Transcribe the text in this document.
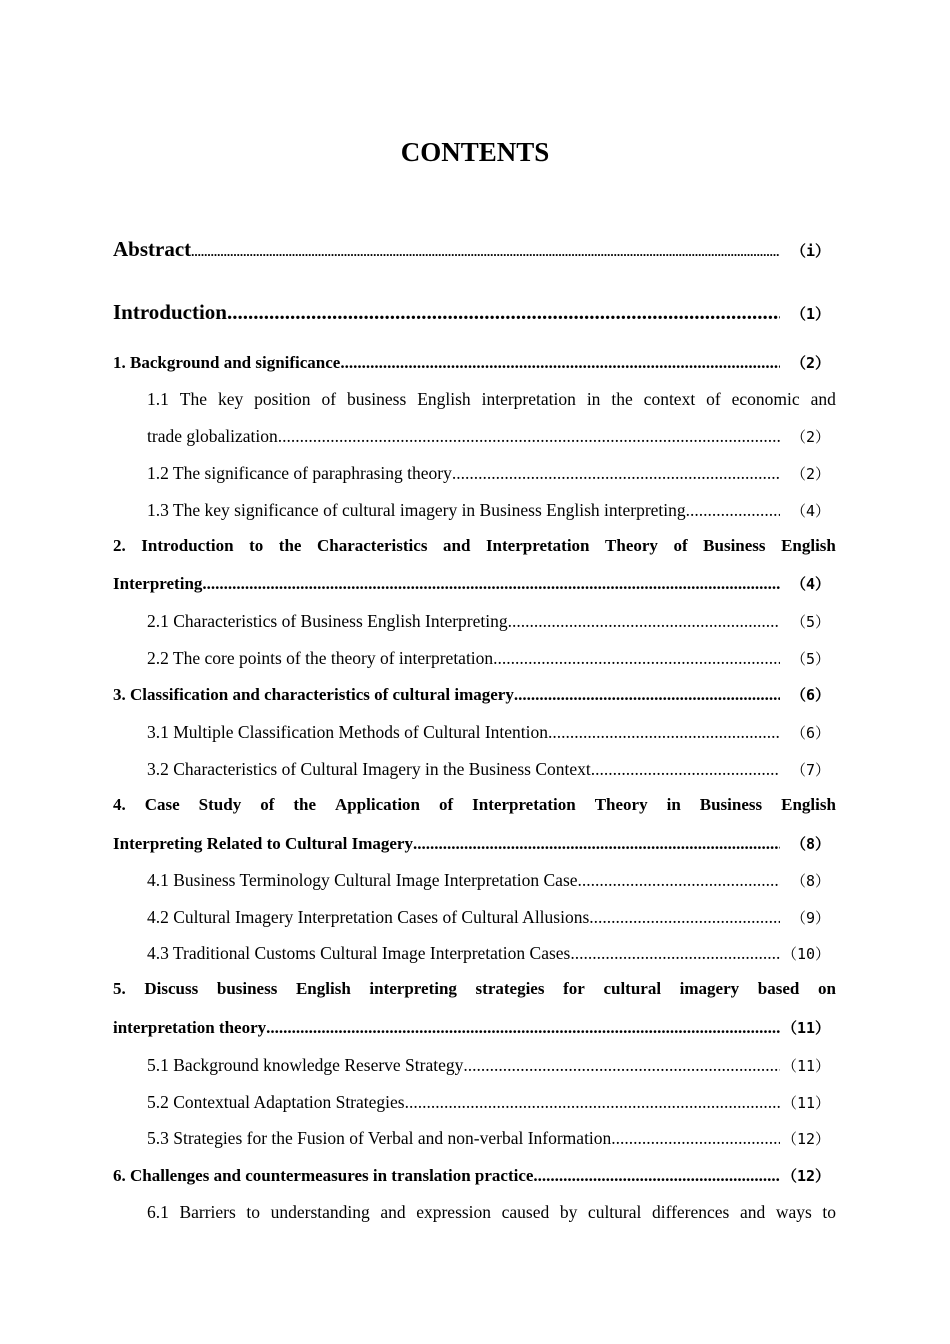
CONTENTS
Abstract .....	（i）
Introduction .....	（1）
1. Background and significance .....	（2）
1.1 The key position of business English interpretation in the context of economic and
trade globalization .....	（2）
1.2 The significance of paraphrasing theory .....	（2）
1.3 The key significance of cultural imagery in Business English interpreting .....	（4）
2. Introduction to the Characteristics and Interpretation Theory of Business English
Interpreting .....	（4）
2.1 Characteristics of Business English Interpreting .....	（5）
2.2 The core points of the theory of interpretation .....	（5）
3. Classification and characteristics of cultural imagery .....	（6）
3.1 Multiple Classification Methods of Cultural Intention .....	（6）
3.2 Characteristics of Cultural Imagery in the Business Context .....	（7）
4. Case Study of the Application of Interpretation Theory in Business English
Interpreting Related to Cultural Imagery .....	（8）
4.1 Business Terminology Cultural Image Interpretation Case .....	（8）
4.2 Cultural Imagery Interpretation Cases of Cultural Allusions .....	（9）
4.3 Traditional Customs Cultural Image Interpretation Cases .....	（10）
5. Discuss business English interpreting strategies for cultural imagery based on
interpretation theory .....	（11）
5.1 Background knowledge Reserve Strategy .....	（11）
5.2 Contextual Adaptation Strategies .....	（11）
5.3 Strategies for the Fusion of Verbal and non-verbal Information .....	（12）
6. Challenges and countermeasures in translation practice .....	（12）
6.1 Barriers to understanding and expression caused by cultural differences and ways to
